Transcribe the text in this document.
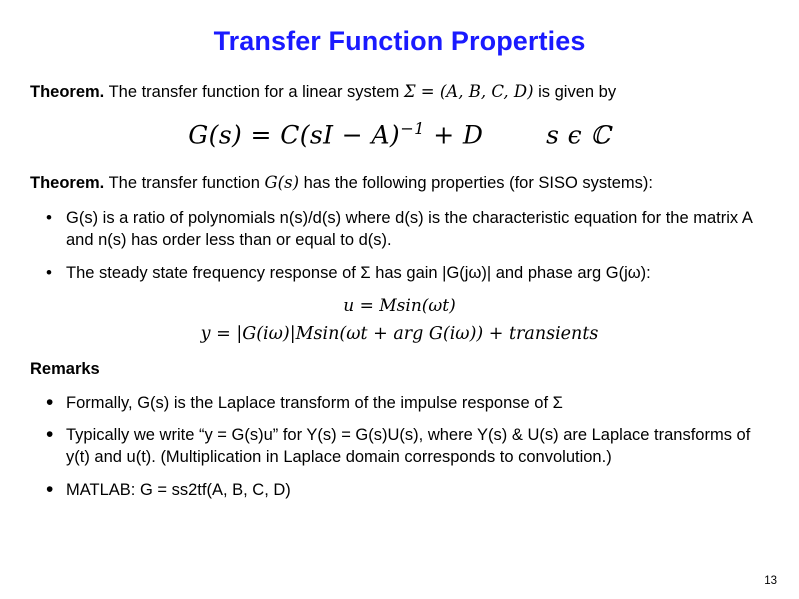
Transfer Function Properties
Theorem. The transfer function for a linear system Σ = (A, B, C, D) is given by
G(s) = C(sI − A)$^{-1}$ + D	s ϵ ℂ
Theorem. The transfer function G(s) has the following properties (for SISO systems):
• G(s) is a ratio of polynomials n(s)/d(s) where d(s) is the characteristic equation for the matrix A and n(s) has order less than or equal to d(s).
• The steady state frequency response of Σ has gain |G(jω)| and phase arg G(jω):
u = Msin(ωt)
y = |G(iω)|Msin(ωt + arg G(iω)) + transients
Remarks
• Formally, G(s) is the Laplace transform of the impulse response of Σ
• Typically we write “y = G(s)u” for Y(s) = G(s)U(s), where Y(s) & U(s) are Laplace transforms of y(t) and u(t). (Multiplication in Laplace domain corresponds to convolution.)
• MATLAB: G = ss2tf(A, B, C, D)
13
